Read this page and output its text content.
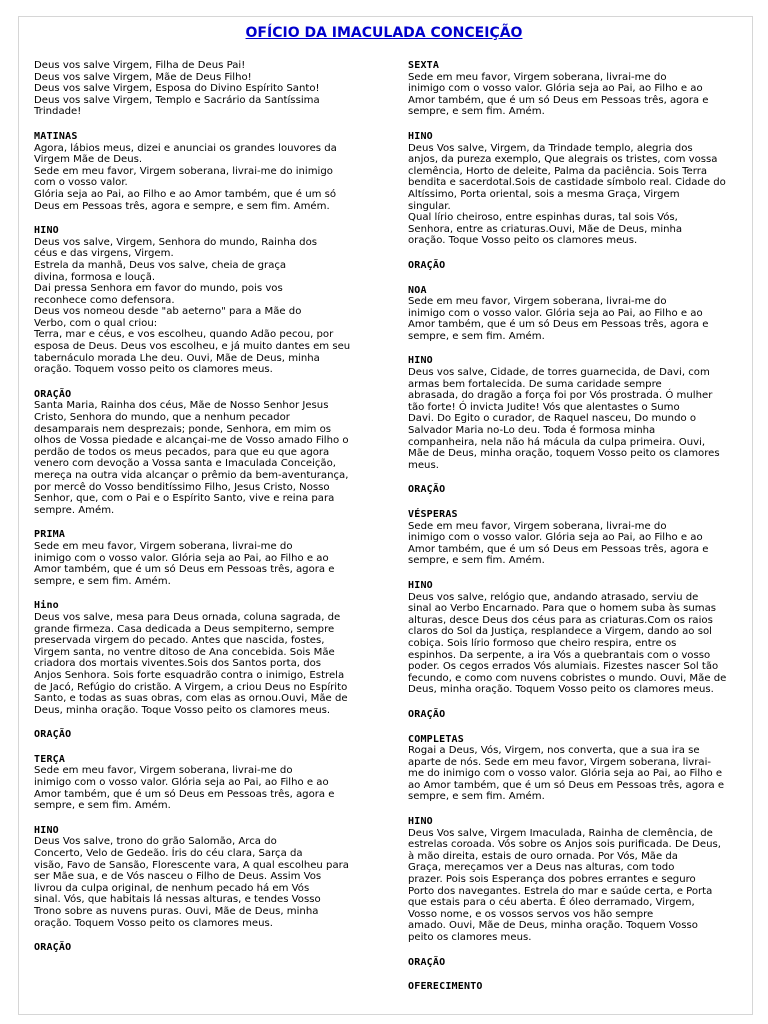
OFÍCIO DA IMACULADA CONCEIÇÃO
Deus vos salve Virgem, Filha de Deus Pai!
Deus vos salve Virgem, Mãe de Deus Filho!
Deus vos salve Virgem, Esposa do Divino Espírito Santo!
Deus vos salve Virgem, Templo e Sacrário da Santíssima
Trindade!
MATINAS
Agora, lábios meus, dizei e anunciai os grandes louvores da
Virgem Mãe de Deus.
Sede em meu favor, Virgem soberana, livrai-me do inimigo
com o vosso valor.
Glória seja ao Pai, ao Filho e ao Amor também, que é um só
Deus em Pessoas três, agora e sempre, e sem fim. Amém.
HINO
Deus vos salve, Virgem, Senhora do mundo, Rainha dos
céus e das virgens, Virgem.
Estrela da manhã, Deus vos salve, cheia de graça
divina, formosa e louçã.
Dai pressa Senhora em favor do mundo, pois vos
reconhece como defensora.
Deus vos nomeou desde "ab aeterno" para a Mãe do
Verbo, com o qual criou:
Terra, mar e céus, e vos escolheu, quando Adão pecou, por
esposa de Deus. Deus vos escolheu, e já muito dantes em seu
tabernáculo morada Lhe deu. Ouvi, Mãe de Deus, minha
oração. Toquem vosso peito os clamores meus.
ORAÇÃO
Santa Maria, Rainha dos céus, Mãe de Nosso Senhor Jesus
Cristo, Senhora do mundo, que a nenhum pecador
desamparais nem desprezais; ponde, Senhora, em mim os
olhos de Vossa piedade e alcançai-me de Vosso amado Filho o
perdão de todos os meus pecados, para que eu que agora
venero com devoção a Vossa santa e Imaculada Conceição,
mereça na outra vida alcançar o prêmio da bem-aventurança,
por mercê do Vosso benditíssimo Filho, Jesus Cristo, Nosso
Senhor, que, com o Pai e o Espírito Santo, vive e reina para
sempre. Amém.
PRIMA
Sede em meu favor, Virgem soberana, livrai-me do
inimigo com o vosso valor. Glória seja ao Pai, ao Filho e ao
Amor também, que é um só Deus em Pessoas três, agora e
sempre, e sem fim. Amém.
Hino
Deus vos salve, mesa para Deus ornada, coluna sagrada, de
grande firmeza. Casa dedicada a Deus sempiterno, sempre
preservada virgem do pecado. Antes que nascida, fostes,
Virgem santa, no ventre ditoso de Ana concebida. Sois Mãe
criadora dos mortais viventes.Sois dos Santos porta, dos
Anjos Senhora. Sois forte esquadrão contra o inimigo, Estrela
de Jacó, Refúgio do cristão. A Virgem, a criou Deus no Espírito
Santo, e todas as suas obras, com elas as ornou.Ouvi, Mãe de
Deus, minha oração. Toque Vosso peito os clamores meus.
ORAÇÃO
TERÇA
Sede em meu favor, Virgem soberana, livrai-me do
inimigo com o vosso valor. Glória seja ao Pai, ao Filho e ao
Amor também, que é um só Deus em Pessoas três, agora e
sempre, e sem fim. Amém.
HINO
Deus Vos salve, trono do grão Salomão, Arca do
Concerto, Velo de Gedeão. Íris do céu clara, Sarça da
visão, Favo de Sansão, Florescente vara, A qual escolheu para
ser Mãe sua, e de Vós nasceu o Filho de Deus. Assim Vos
livrou da culpa original, de nenhum pecado há em Vós
sinal. Vós, que habitais lá nessas alturas, e tendes Vosso
Trono sobre as nuvens puras. Ouvi, Mãe de Deus, minha
oração. Toquem Vosso peito os clamores meus.
ORAÇÃO
SEXTA
Sede em meu favor, Virgem soberana, livrai-me do
inimigo com o vosso valor. Glória seja ao Pai, ao Filho e ao
Amor também, que é um só Deus em Pessoas três, agora e
sempre, e sem fim. Amém.
HINO
Deus Vos salve, Virgem, da Trindade templo, alegria dos
anjos, da pureza exemplo, Que alegrais os tristes, com vossa
clemência, Horto de deleite, Palma da paciência. Sois Terra
bendita e sacerdotal.Sois de castidade símbolo real. Cidade do
Altíssimo, Porta oriental, sois a mesma Graça, Virgem
singular.
Qual lírio cheiroso, entre espinhas duras, tal sois Vós,
Senhora, entre as criaturas.Ouvi, Mãe de Deus, minha
oração. Toque Vosso peito os clamores meus.
ORAÇÃO
NOA
Sede em meu favor, Virgem soberana, livrai-me do
inimigo com o vosso valor. Glória seja ao Pai, ao Filho e ao
Amor também, que é um só Deus em Pessoas três, agora e
sempre, e sem fim. Amém.
HINO
Deus vos salve, Cidade, de torres guarnecida, de Davi, com
armas bem fortalecida. De suma caridade sempre
abrasada, do dragão a força foi por Vós prostrada. Ó mulher
tão forte! Ó invicta Judite! Vós que alentastes o Sumo
Davi. Do Egito o curador, de Raquel nasceu, Do mundo o
Salvador Maria no-Lo deu. Toda é formosa minha
companheira, nela não há mácula da culpa primeira. Ouvi,
Mãe de Deus, minha oração, toquem Vosso peito os clamores
meus.
ORAÇÃO
VÉSPERAS
Sede em meu favor, Virgem soberana, livrai-me do
inimigo com o vosso valor. Glória seja ao Pai, ao Filho e ao
Amor também, que é um só Deus em Pessoas três, agora e
sempre, e sem fim. Amém.
HINO
Deus vos salve, relógio que, andando atrasado, serviu de
sinal ao Verbo Encarnado. Para que o homem suba às sumas
alturas, desce Deus dos céus para as criaturas.Com os raios
claros do Sol da Justiça, resplandece a Virgem, dando ao sol
cobiça. Sois lírio formoso que cheiro respira, entre os
espinhos. Da serpente, a ira Vós a quebrantais com o vosso
poder. Os cegos errados Vós alumiais. Fizestes nascer Sol tão
fecundo, e como com nuvens cobristes o mundo. Ouvi, Mãe de
Deus, minha oração. Toquem Vosso peito os clamores meus.
ORAÇÃO
COMPLETAS
Rogai a Deus, Vós, Virgem, nos converta, que a sua ira se
aparte de nós. Sede em meu favor, Virgem soberana, livrai-
me do inimigo com o vosso valor. Glória seja ao Pai, ao Filho e
ao Amor também, que é um só Deus em Pessoas três, agora e
sempre, e sem fim. Amém.
HINO
Deus Vos salve, Virgem Imaculada, Rainha de clemência, de
estrelas coroada. Vós sobre os Anjos sois purificada. De Deus,
à mão direita, estais de ouro ornada. Por Vós, Mãe da
Graça, mereçamos ver a Deus nas alturas, com todo
prazer. Pois sois Esperança dos pobres errantes e seguro
Porto dos navegantes. Estrela do mar e saúde certa, e Porta
que estais para o céu aberta. É óleo derramado, Virgem,
Vosso nome, e os vossos servos vos hão sempre
amado. Ouvi, Mãe de Deus, minha oração. Toquem Vosso
peito os clamores meus.
ORAÇÃO
OFERECIMENTO
